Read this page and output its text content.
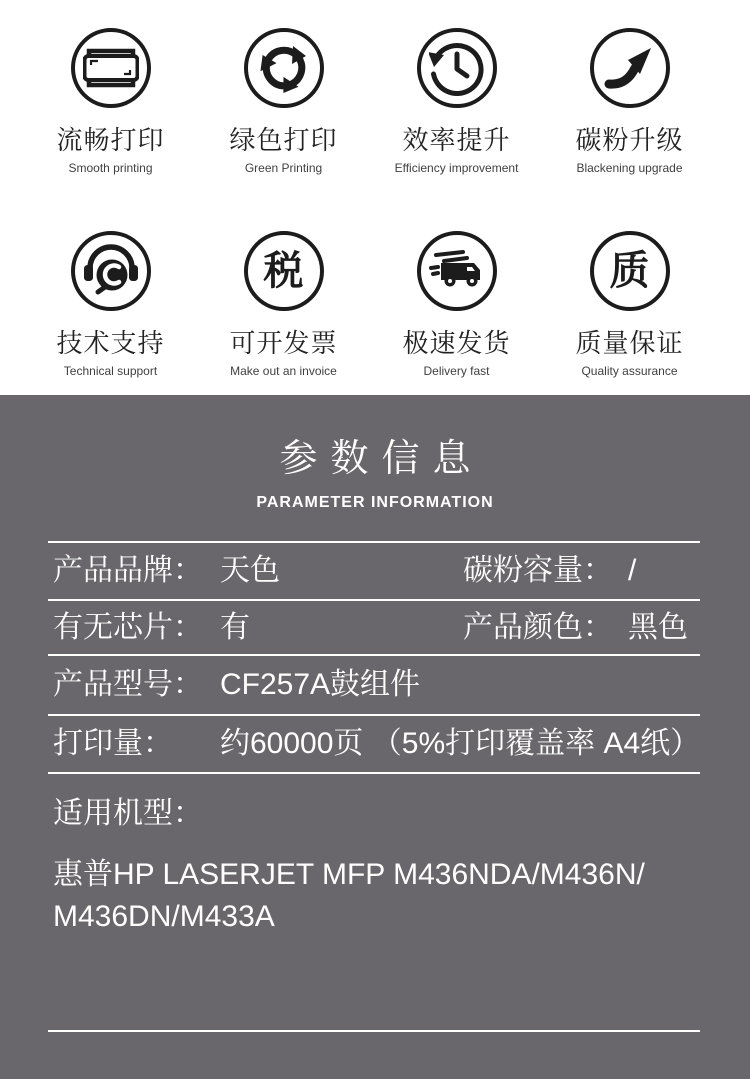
流畅打印
Smooth printing
绿色打印
Green Printing
效率提升
Efficiency improvement
碳粉升级
Blackening upgrade
技术支持
Technical support
税
可开发票
Make out an invoice
极速发货
Delivery fast
质
质量保证
Quality assurance
参数信息
PARAMETER INFORMATION
产品品牌： 天色	碳粉容量： /
有无芯片： 有	产品颜色： 黑色
产品型号： CF257A鼓组件
打印量：	约60000页 （5%打印覆盖率 A4纸）
适用机型：
惠普HP LASERJET MFP M436NDA/M436N/
M436DN/M433A
